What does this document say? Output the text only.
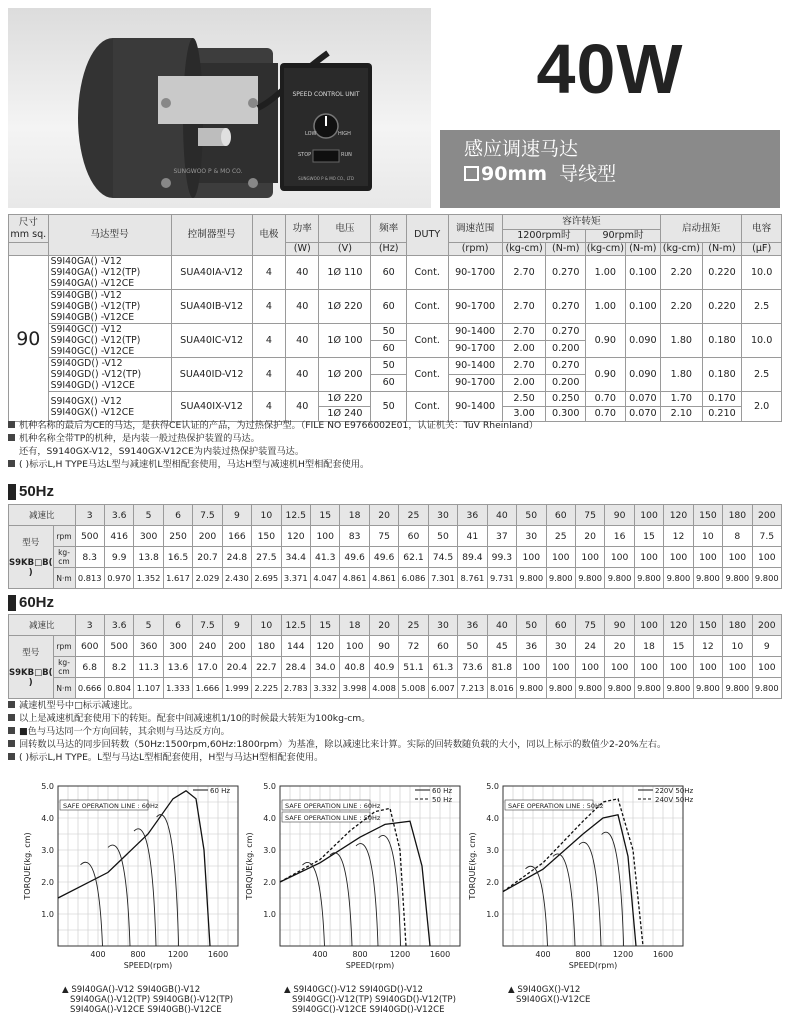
SUNGWOO P & MO CO.
SPEED CONTROL UNIT
LOW	HIGH
STOP	RUN
SUNGWOO P & MO CO., LTD
40W
感应调速马达
90mm 导线型
尺寸
mm sq.	马达型号	控制器型号	电极	功率	电压	频率	DUTY	调速范围	容许转矩				启动扭矩		电容
									1200rpm时		90rpm时				
				(W)	(V)	(Hz)		(rpm)	(kg-cm)	(N-m)	(kg-cm)	(N-m)	(kg-cm)	(N-m)	(μF)
90	S9I40GA() -V12
S9I40GA() -V12(TP)
S9I40GA() -V12CE	SUA40IA-V12	4	40	1Ø 110	60	Cont.	90-1700	2.70	0.270	1.00	0.100	2.20	0.220	10.0

	S9I40GB() -V12
S9I40GB() -V12(TP)
S9I40GB() -V12CE	SUA40IB-V12	4	40	1Ø 220	60	Cont.	90-1700	2.70	0.270	1.00	0.100	2.20	0.220	2.5

	S9I40GC() -V12
S9I40GC() -V12(TP)
S9I40GC() -V12CE	SUA40IC-V12	4	40	1Ø 100	50	Cont.	90-1400	2.70	0.270	0.90	0.090	1.80	0.180	10.0
						60		90-1700	2.00	0.200					

	S9I40GD() -V12
S9I40GD() -V12(TP)
S9I40GD() -V12CE	SUA40ID-V12	4	40	1Ø 200	50	Cont.	90-1400	2.70	0.270	0.90	0.090	1.80	0.180	2.5
						60		90-1700	2.00	0.200					

	S9I40GX() -V12
S9I40GX() -V12CE	SUA40IX-V12	4	40	1Ø 220	50	Cont.	90-1400	2.50	0.250	0.70	0.070	1.70	0.170	2.0
					1Ø 240				3.00	0.300	0.70	0.070	2.10	0.210	
机种名称的最后为CE的马达，是获得CE认证的产品，为过热保护型。（FILE NO E9766002E01，认证机关：TüV Rheinland）
机种名称全带TP的机种，是内装一般过热保护装置的马达。
还有，S9140GX-V12，S9140GX-V12CE为内装过热保护装置马达。
( )标示L,H TYPE马达L型与减速机L型相配套使用，马达H型与减速机H型相配套使用。
50Hz
减速比		3	3.6	5	6	7.5	9	10	12.5	15	18	20	25	30	36	40	50	60	75	90	100	120	150	180	200
型号

S9KB□B( )	rpm	500	416	300	250	200	166	150	120	100	83	75	60	50	41	37	30	25	20	16	15	12	10	8	7.5
	kg-cm	8.3	9.9	13.8	16.5	20.7	24.8	27.5	34.4	41.3	49.6	49.6	62.1	74.5	89.4	99.3	100	100	100	100	100	100	100	100	100
	N·m	0.813	0.970	1.352	1.617	2.029	2.430	2.695	3.371	4.047	4.861	4.861	6.086	7.301	8.761	9.731	9.800	9.800	9.800	9.800	9.800	9.800	9.800	9.800	9.800
60Hz
减速比		3	3.6	5	6	7.5	9	10	12.5	15	18	20	25	30	36	40	50	60	75	90	100	120	150	180	200
型号

S9KB□B( )	rpm	600	500	360	300	240	200	180	144	120	100	90	72	60	50	45	36	30	24	20	18	15	12	10	9
	kg-cm	6.8	8.2	11.3	13.6	17.0	20.4	22.7	28.4	34.0	40.8	40.9	51.1	61.3	73.6	81.8	100	100	100	100	100	100	100	100	100
	N·m	0.666	0.804	1.107	1.333	1.666	1.999	2.225	2.783	3.332	3.998	4.008	5.008	6.007	7.213	8.016	9.800	9.800	9.800	9.800	9.800	9.800	9.800	9.800	9.800
减速机型号中□标示减速比。
以上是减速机配套使用下的转矩。配套中间减速机1/10的时候最大转矩为100kg-cm。
■色与马达同一个方向回转，其余则与马达反方向。
回转数以马达的同步回转数（50Hz:1500rpm,60Hz:1800rpm）为基准，除以减速比来计算。实际的回转数随负载的大小，同以上标示的数值少2-20%左右。
( )标示L,H TYPE。L型与马达L型相配套使用，H型与马达H型相配套使用。
1.0
2.0
3.0
4.0
5.0
400	800	1200 1600
SPEED(rpm)
TORQUE(kg. cm)
SAFE OPERATION LINE : 60Hz
60 Hz
1.0
2.0
3.0
4.0
5.0
400	800	1200 1600
SPEED(rpm)
TORQUE(kg. cm)
SAFE OPERATION LINE : 60Hz
SAFE OPERATION LINE : 50Hz
60 Hz
50 Hz
1.0
2.0
3.0
4.0
5.0
400	800	1200 1600
SPEED(rpm)
TORQUE(kg. cm)
SAFE OPERATION LINE : 50Hz
220V 50Hz
240V 50Hz
▲ S9I40GA()-V12 S9I40GB()-V12
S9I40GA()-V12(TP) S9I40GB()-V12(TP)
S9I40GA()-V12CE S9I40GB()-V12CE
▲ S9I40GC()-V12 S9I40GD()-V12
S9I40GC()-V12(TP) S9I40GD()-V12(TP)
S9I40GC()-V12CE S9I40GD()-V12CE
▲ S9I40GX()-V12
S9I40GX()-V12CE
